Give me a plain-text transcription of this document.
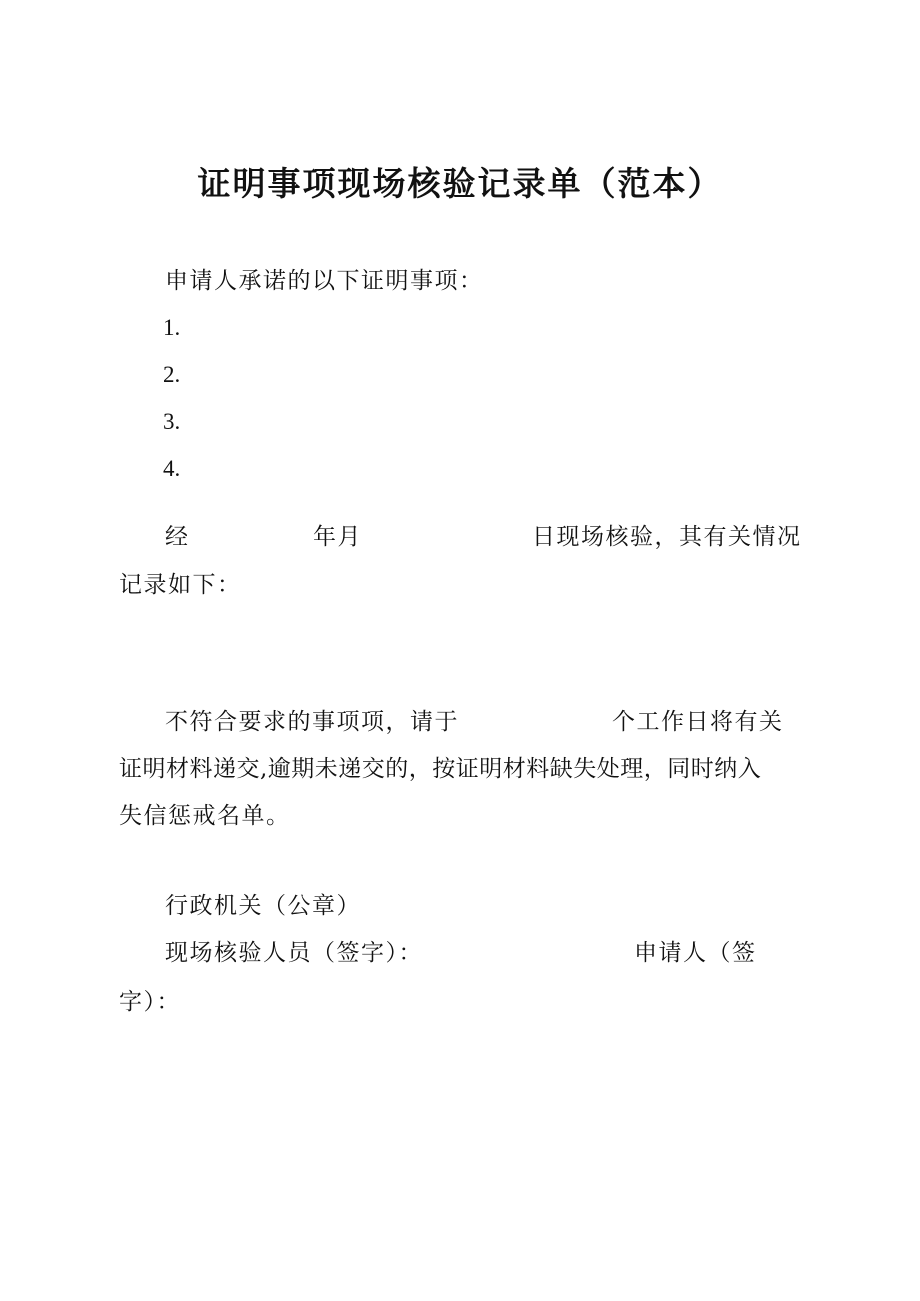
证明事项现场核验记录单（范本）
申请人承诺的以下证明事项：
1.
2.
3.
4.
经	年月	日现场核验，其有关情况
记录如下：
不符合要求的事项项，请于	个工作日将有关
证明材料递交,逾期未递交的，按证明材料缺失处理，同时纳入
失信惩戒名单。
行政机关（公章）
现场核验人员（签字）：	申请人（签
字）：
